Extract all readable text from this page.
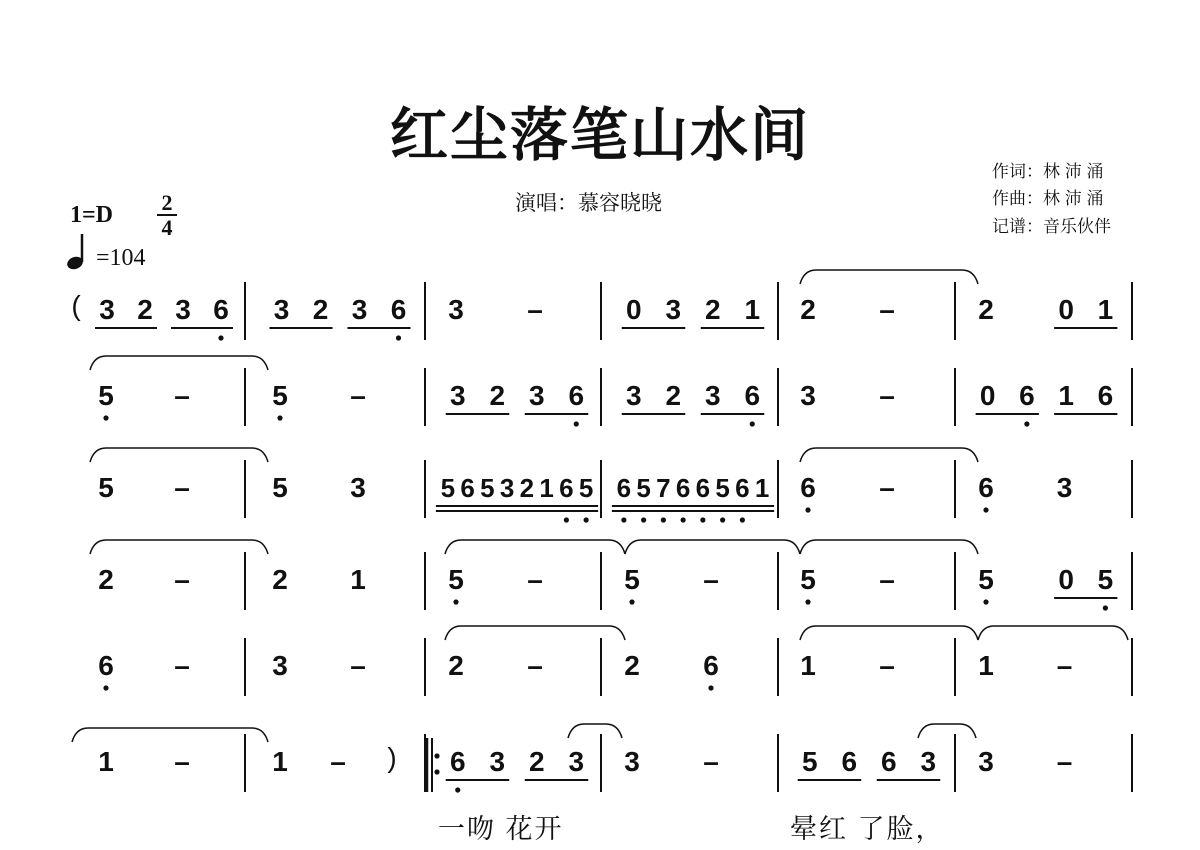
红尘落笔山水间
演唱：慕容晓晓
作词：林 沛 涌
作曲：林 沛 涌
记谱：音乐伙伴
1=D 2
4
=104
3 2 3 6
(	3 2 3 6 3 –	0 3 2 1 2 –	2 0 1
5 –	5 –	3 2 3 6 3 2 3 6 3 –	0 6 1 6
5 –	5 3	5 6 5 3 2 1 6 5 6 5 7 6 6 5 6 1 6 –	6 3
2 –	2 1	5 –	5 –	5 –	5 0 5
6 –	3 –	2 –	2 6	1 –	1 –
1 –	1 – ) 6 3 2 3 3 –	5 6 6 3 3 –
一吻 花开	晕红 了脸，
